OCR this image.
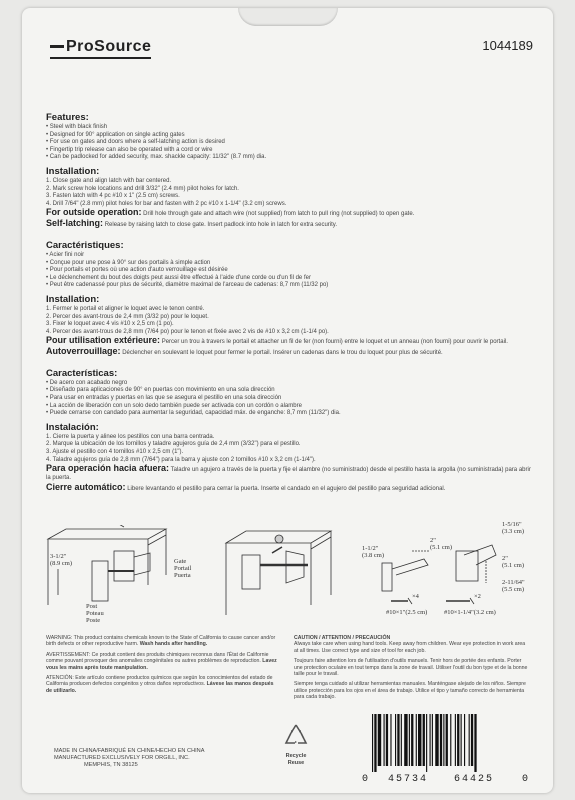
ProSource	1044189
Features:

• Steel with black finish

• Designed for 90° application on single acting gates

• For use on gates and doors where a self-latching action is desired

• Fingertip trip release can also be operated with a cord or wire

• Can be padlocked for added security, max. shackle capacity: 11/32" (8.7 mm) dia.

Installation:

1. Close gate and align latch with bar centered.

2. Mark screw hole locations and drill 3/32" (2.4 mm) pilot holes for latch.

3. Fasten latch with 4 pc #10 x 1" (2.5 cm) screws.

4. Drill 7/64" (2.8 mm) pilot holes for bar and fasten with 2 pc #10 x 1-1/4" (3.2 cm) screws.

For outside operation: Drill hole through gate and attach wire (not supplied) from latch to pull ring (not supplied) to open gate.

Self-latching: Release by raising latch to close gate. Insert padlock into hole in latch for extra security.

Caractéristiques:

• Acier fini noir

• Conçue pour une pose à 90° sur des portails à simple action

• Pour portails et portes où une action d'auto verrouillage est désirée

• Le déclenchement du bout des doigts peut aussi être effectué à l'aide d'une corde ou d'un fil de fer

• Peut être cadenassé pour plus de sécurité, diamètre maximal de l'arceau de cadenas: 8,7 mm (11/32 po)

Installation:

1. Fermer le portail et aligner le loquet avec le tenon centré.

2. Percer des avant-trous de 2,4 mm (3/32 po) pour le loquet.

3. Fixer le loquet avec 4 vis #10 x 2,5 cm (1 po).

4. Percer des avant-trous de 2,8 mm (7/64 po) pour le tenon et fixée avec 2 vis de #10 x 3,2 cm (1-1/4 po).

Pour utilisation extérieure: Percer un trou à travers le portail et attacher un fil de fer (non fourni) entre le loquet et un anneau (non fourni) pour ouvrir le portail.

Autoverrouillage: Déclencher en soulevant le loquet pour fermer le portail. Insérer un cadenas dans le trou du loquet pour plus de sécurité.

Características:

• De acero con acabado negro

• Diseñado para aplicaciones de 90° en puertas con movimiento en una sola dirección

• Para usar en entradas y puertas en las que se asegura el pestillo en una sola dirección

• La acción de liberación con un solo dedo también puede ser activada con un cordón o alambre

• Puede cerrarse con candado para aumentar la seguridad, capacidad máx. de enganche: 8,7 mm (11/32") dia.

Instalación:

1. Cierre la puerta y alinee los pestillos con una barra centrada.

2. Marque la ubicación de los tornillos y taladre agujeros guía de 2,4 mm (3/32") para el pestillo.

3. Ajuste el pestillo con 4 tornillos #10 x 2,5 cm (1").

4. Taladre agujeros guía de 2,8 mm (7/64") para la barra y ajuste con 2 tornillos #10 x 3,2 cm (1-1/4").

Para operación hacia afuera: Taladre un agujero a través de la puerta y fije el alambre (no suministrado) desde el pestillo hasta la argolla (no suministrada) para abrir la puerta.

Cierre automático: Libere levantando el pestillo para cerrar la puerta. Inserte el candado en el agujero del pestillo para seguridad adicional.

Gate
Portail
Puerta
Post
Poteau
Poste
3-1/2"
(8.9 cm)
1-1/2"
(3.8 cm)
2"
(5.1 cm)
1-5/16"
(3.3 cm)
2"
(5.1 cm)
2-11/64"
(5.5 cm)
×4
#10×1"(2.5 cm)
×2
#10×1-1/4"(3.2 cm)

WARNING: This product contains chemicals known to the State of California to cause cancer and/or birth defects or other reproductive harm. Wash hands after handling.

AVERTISSEMENT: Ce produit contient des produits chimiques reconnus dans l'État de Californie comme pouvant provoquer des anomalies congénitales ou autres problèmes de reproduction. Lavez vous les mains après toute manipulation.

ATENCIÓN: Este artículo contiene productos químicos que según los conocimientos del estado de California producen defectos congénitos y otros daños reproductivos. Lávese las manos después de utilizarlo.

CAUTION / ATTENTION / PRECAUCIÓN
Always take care when using hand tools. Keep away from children. Wear eye protection in work area at all times. Use correct type and size of tool for each job.

Toujours faire attention lors de l'utilisation d'outils manuels. Tenir hors de portée des enfants. Porter une protection oculaire en tout temps dans la zone de travail. Utiliser l'outil du bon type et de la bonne taille pour le travail.

Siempre tenga cuidado al utilizar herramientas manuales. Manténgase alejado de los niños. Siempre utilice protección para los ojos en el área de trabajo. Utilice el tipo y tamaño correcto de herramienta para cada trabajo.

MADE IN CHINA/FABRIQUÉ EN CHINE/HECHO EN CHINA
MANUFACTURED EXCLUSIVELY FOR ORGILL, INC.
MEMPHIS, TN 38125
Recycle
Reuse
0 45734	64425	0
